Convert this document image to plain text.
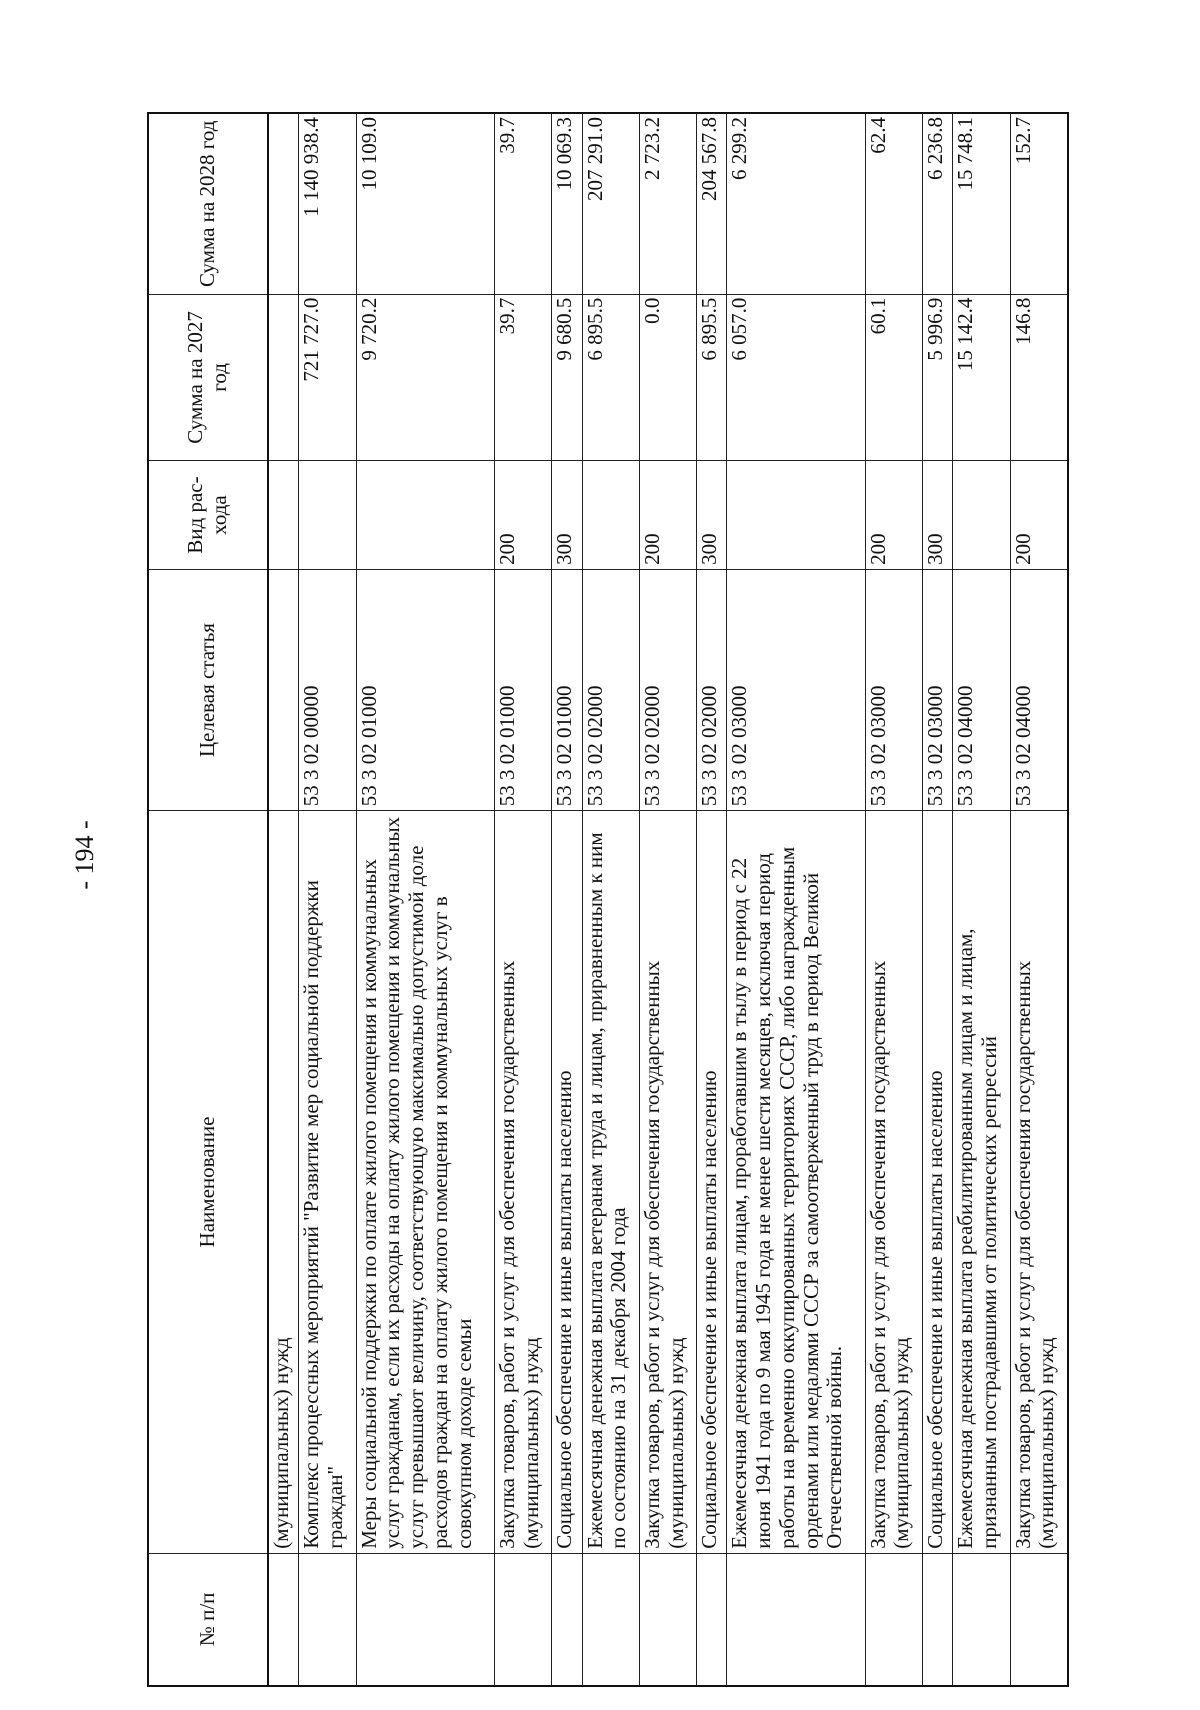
- 194 -
№ п/п	Наименование	Целевая статья	Вид рас- хода	Сумма на 2027 год	Сумма на 2028 год
	(муниципальных) нужд				
	Комплекс процессных мероприятий "Развитие мер социальной поддержки граждан"	53 3 02 00000		721 727.0	1 140 938.4
	Меры социальной поддержки по оплате жилого помещения и коммунальных услуг гражданам, если их расходы на оплату жилого помещения и коммунальных услуг превышают величину, соответствующую максимально допустимой доле расходов граждан на оплату жилого помещения и коммунальных услуг в совокупном доходе семьи	53 3 02 01000		9 720.2	10 109.0
	Закупка товаров, работ и услуг для обеспечения государственных (муниципальных) нужд	53 3 02 01000	200	39.7	39.7
	Социальное обеспечение и иные выплаты населению	53 3 02 01000	300	9 680.5	10 069.3
	Ежемесячная денежная выплата ветеранам труда и лицам, приравненным к ним по состоянию на 31 декабря 2004 года	53 3 02 02000		6 895.5	207 291.0
	Закупка товаров, работ и услуг для обеспечения государственных (муниципальных) нужд	53 3 02 02000	200	0.0	2 723.2
	Социальное обеспечение и иные выплаты населению	53 3 02 02000	300	6 895.5	204 567.8
	Ежемесячная денежная выплата лицам, проработавшим в тылу в период с 22 июня 1941 года по 9 мая 1945 года не менее шести месяцев, исключая период работы на временно оккупированных территориях СССР, либо награжденным орденами или медалями СССР за самоотверженный труд в период Великой Отечественной войны.	53 3 02 03000		6 057.0	6 299.2
	Закупка товаров, работ и услуг для обеспечения государственных (муниципальных) нужд	53 3 02 03000	200	60.1	62.4
	Социальное обеспечение и иные выплаты населению	53 3 02 03000	300	5 996.9	6 236.8
	Ежемесячная денежная выплата реабилитированным лицам и лицам, признанным пострадавшими от политических репрессий	53 3 02 04000		15 142.4	15 748.1
	Закупка товаров, работ и услуг для обеспечения государственных (муниципальных) нужд	53 3 02 04000	200	146.8	152.7
